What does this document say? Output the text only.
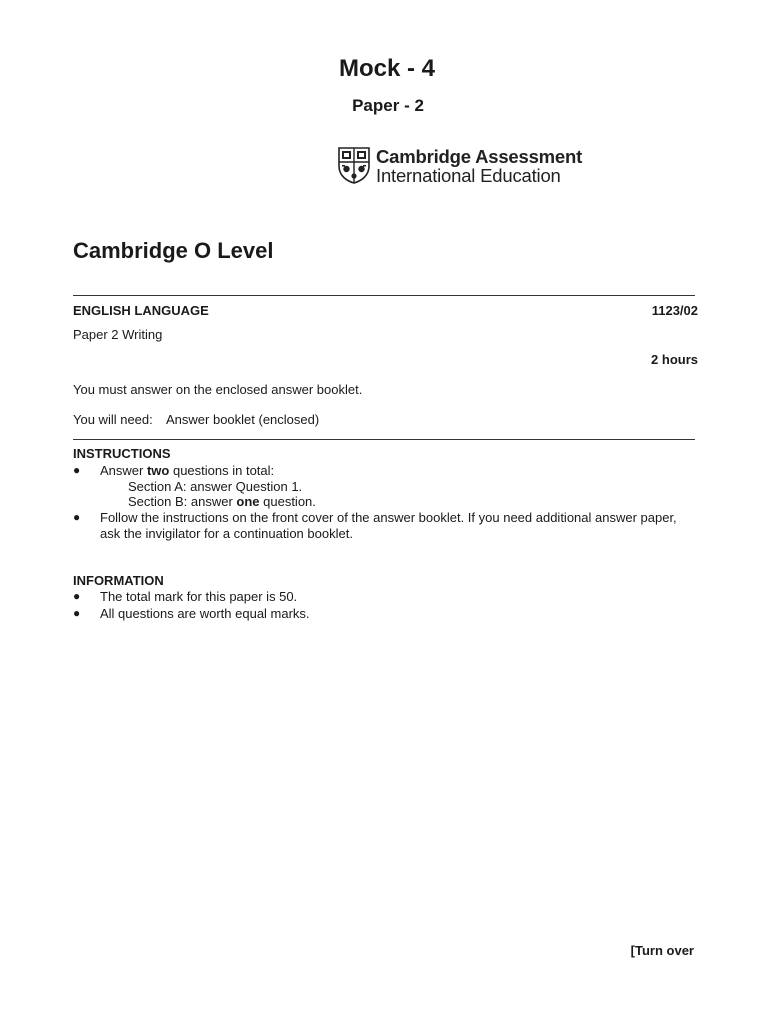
Mock - 4
Paper - 2
Cambridge Assessment
International Education
Cambridge O Level
ENGLISH LANGUAGE	1123/02
Paper 2 Writing
2 hours
You must answer on the enclosed answer booklet.
You will need: Answer booklet (enclosed)
INSTRUCTIONS
●	Answer two questions in total:
Section A: answer Question 1.
Section B: answer one question.
●	Follow the instructions on the front cover of the answer booklet. If you need additional answer paper,
ask the invigilator for a continuation booklet.
INFORMATION
●	The total mark for this paper is 50.
●	All questions are worth equal marks.
[Turn over
